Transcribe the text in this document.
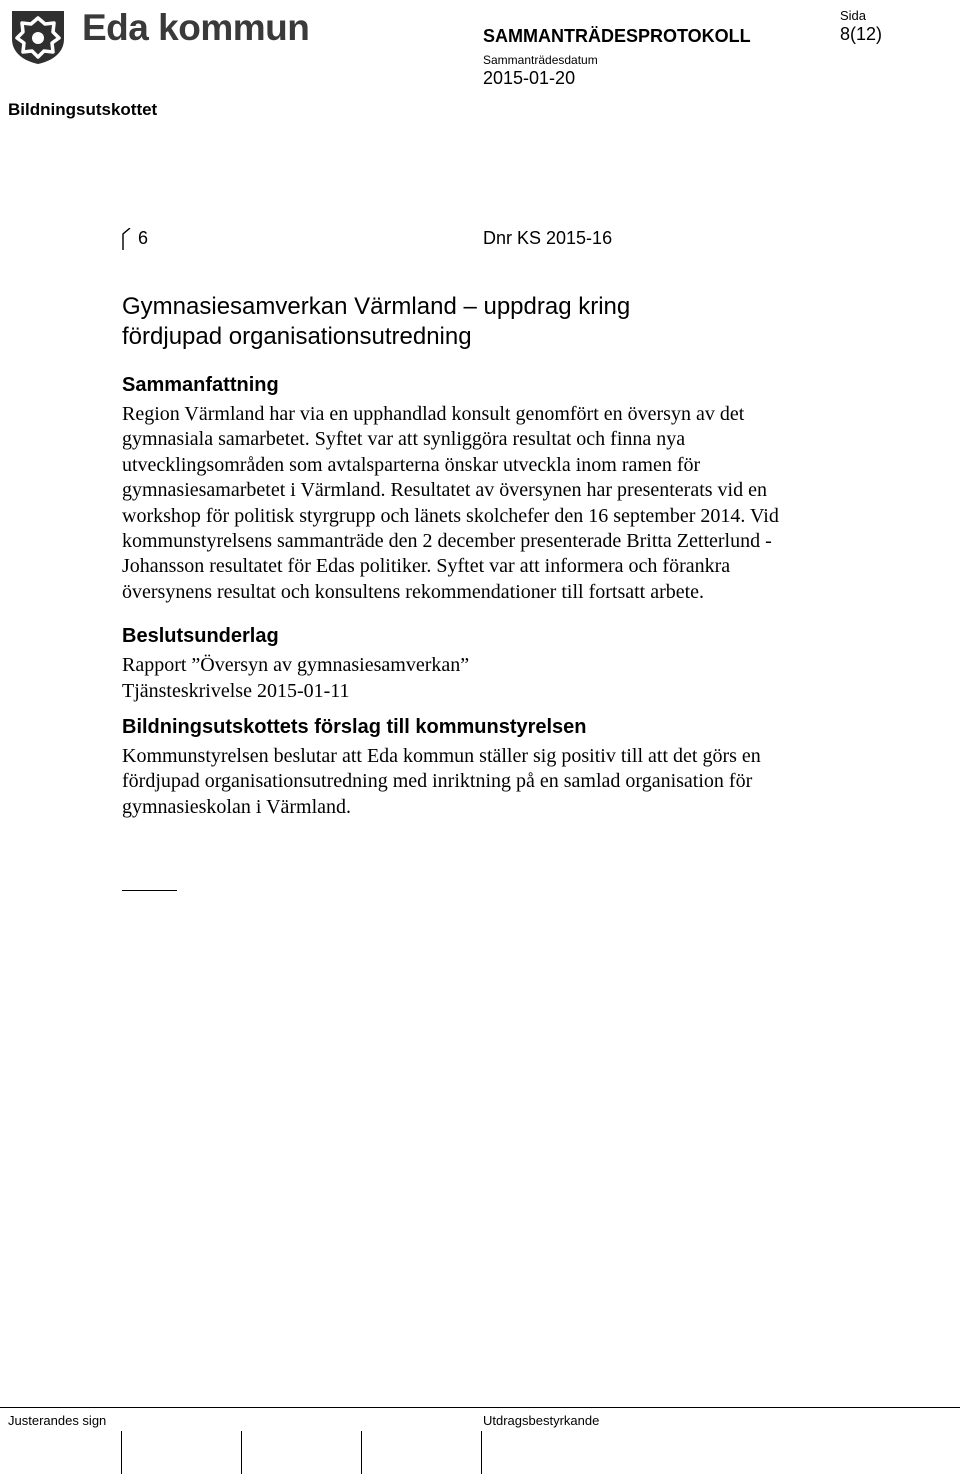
Eda kommun	SAMMANTRÄDESPROTOKOLL
Sammanträdesdatum
2015-01-20
Sida
8(12)
Bildningsutskottet
6	Dnr KS 2015-16
Gymnasiesamverkan Värmland – uppdrag kring
fördjupad organisationsutredning
Sammanfattning

Region Värmland har via en upphandlad konsult genomfört en översyn av det gymnasiala samarbetet. Syftet var att synliggöra resultat och finna nya utvecklingsområden som avtalsparterna önskar utveckla inom ramen för gymnasiesamarbetet i Värmland. Resultatet av översynen har presenterats vid en workshop för politisk styrgrupp och länets skolchefer den 16 september 2014. Vid kommunstyrelsens sammanträde den 2 december presenterade Britta Zetterlund - Johansson resultatet för Edas politiker. Syftet var att informera och förankra översynens resultat och konsultens rekommendationer till fortsatt arbete.

Beslutsunderlag

Rapport ”Översyn av gymnasiesamverkan”

Tjänsteskrivelse 2015-01-11

Bildningsutskottets förslag till kommunstyrelsen

Kommunstyrelsen beslutar att Eda kommun ställer sig positiv till att det görs en fördjupad organisationsutredning med inriktning på en samlad organisation för gymnasieskolan i Värmland.

Justerandes sign	Utdragsbestyrkande
